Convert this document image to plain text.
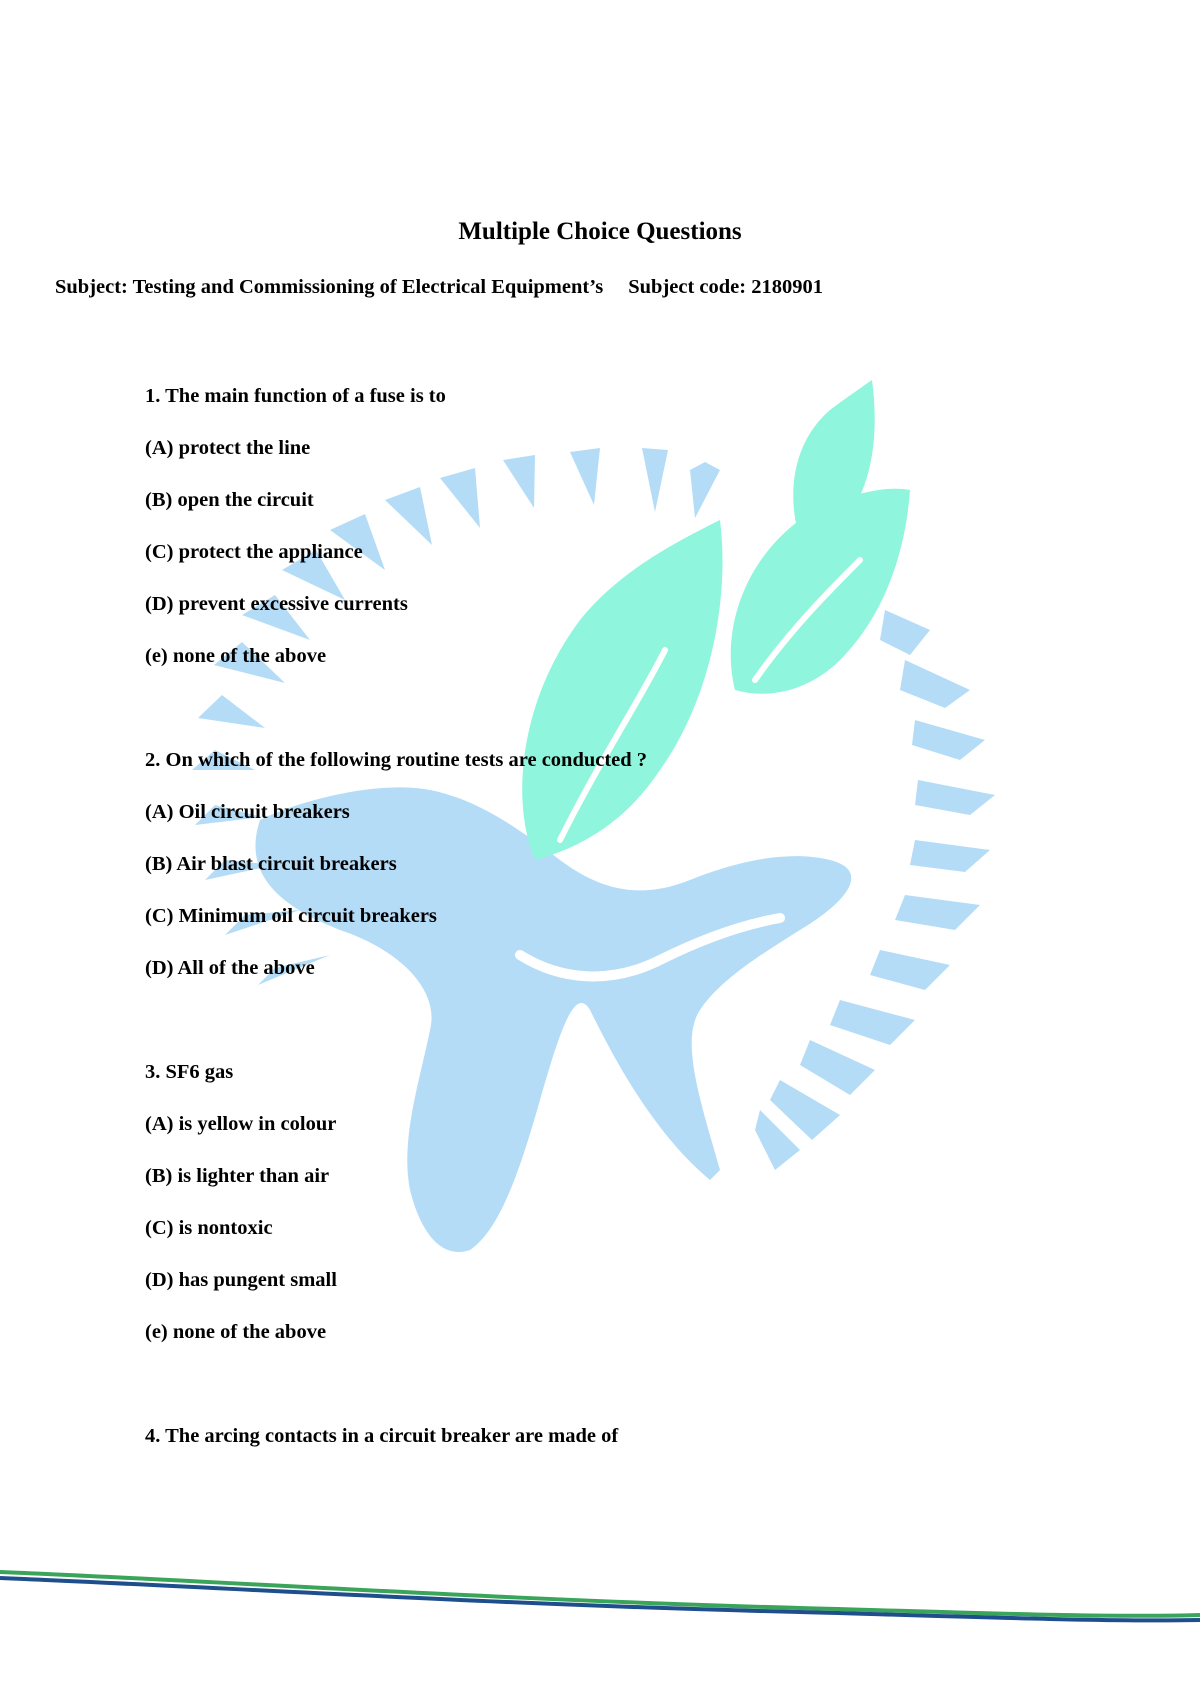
Multiple Choice Questions
Subject: Testing and Commissioning of Electrical Equipment’s Subject code: 2180901
1. The main function of a fuse is to
(A) protect the line
(B) open the circuit
(C) protect the appliance
(D) prevent excessive currents
(e) none of the above
2. On which of the following routine tests are conducted ?
(A) Oil circuit breakers
(B) Air blast circuit breakers
(C) Minimum oil circuit breakers
(D) All of the above
3. SF6 gas
(A) is yellow in colour
(B) is lighter than air
(C) is nontoxic
(D) has pungent small
(e) none of the above
4. The arcing contacts in a circuit breaker are made of
